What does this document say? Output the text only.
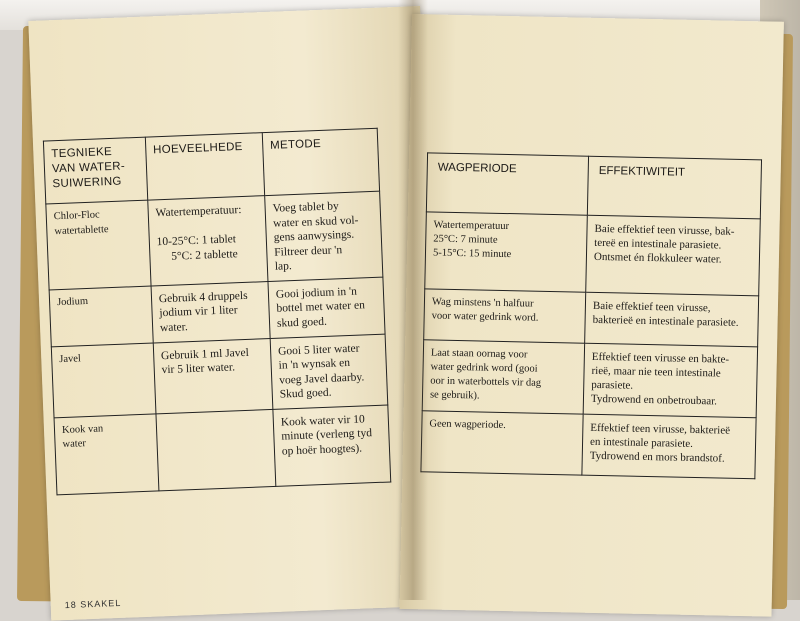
TEGNIEKE
VAN WATER-
SUIWERING	HOEVEELHEDE	METODE

Chlor-Floc
watertablette	Watertemperatuur:

10-25°C: 1 tablet
5°C: 2 tablette	Voeg tablet by
water en skud vol-
gens aanwysings.
Filtreer deur 'n
lap.

Jodium	Gebruik 4 druppels
jodium vir 1 liter
water.	Gooi jodium in 'n
bottel met water en
skud goed.

Javel	Gebruik 1 ml Javel
vir 5 liter water.	Gooi 5 liter water
in 'n wynsak en
voeg Javel daarby.
Skud goed.

Kook van
water		Kook water vir 10
minute (verleng tyd
op hoër hoogtes).
18 SKAKEL
WAGPERIODE	EFFEKTIWITEIT

Watertemperatuur
25°C: 7 minute
5-15°C: 15 minute	Baie effektief teen virusse, bak-
tereë en intestinale parasiete.
Ontsmet én flokkuleer water.

Wag minstens 'n halfuur
voor water gedrink word.	Baie effektief teen virusse,
bakterieë en intestinale parasiete.

Laat staan oornag voor
water gedrink word (gooi
oor in waterbottels vir dag
se gebruik).	Effektief teen virusse en bakte-
rieë, maar nie teen intestinale
parasiete.
Tydrowend en onbetroubaar.

Geen wagperiode.	Effektief teen virusse, bakterieë
en intestinale parasiete.
Tydrowend en mors brandstof.
